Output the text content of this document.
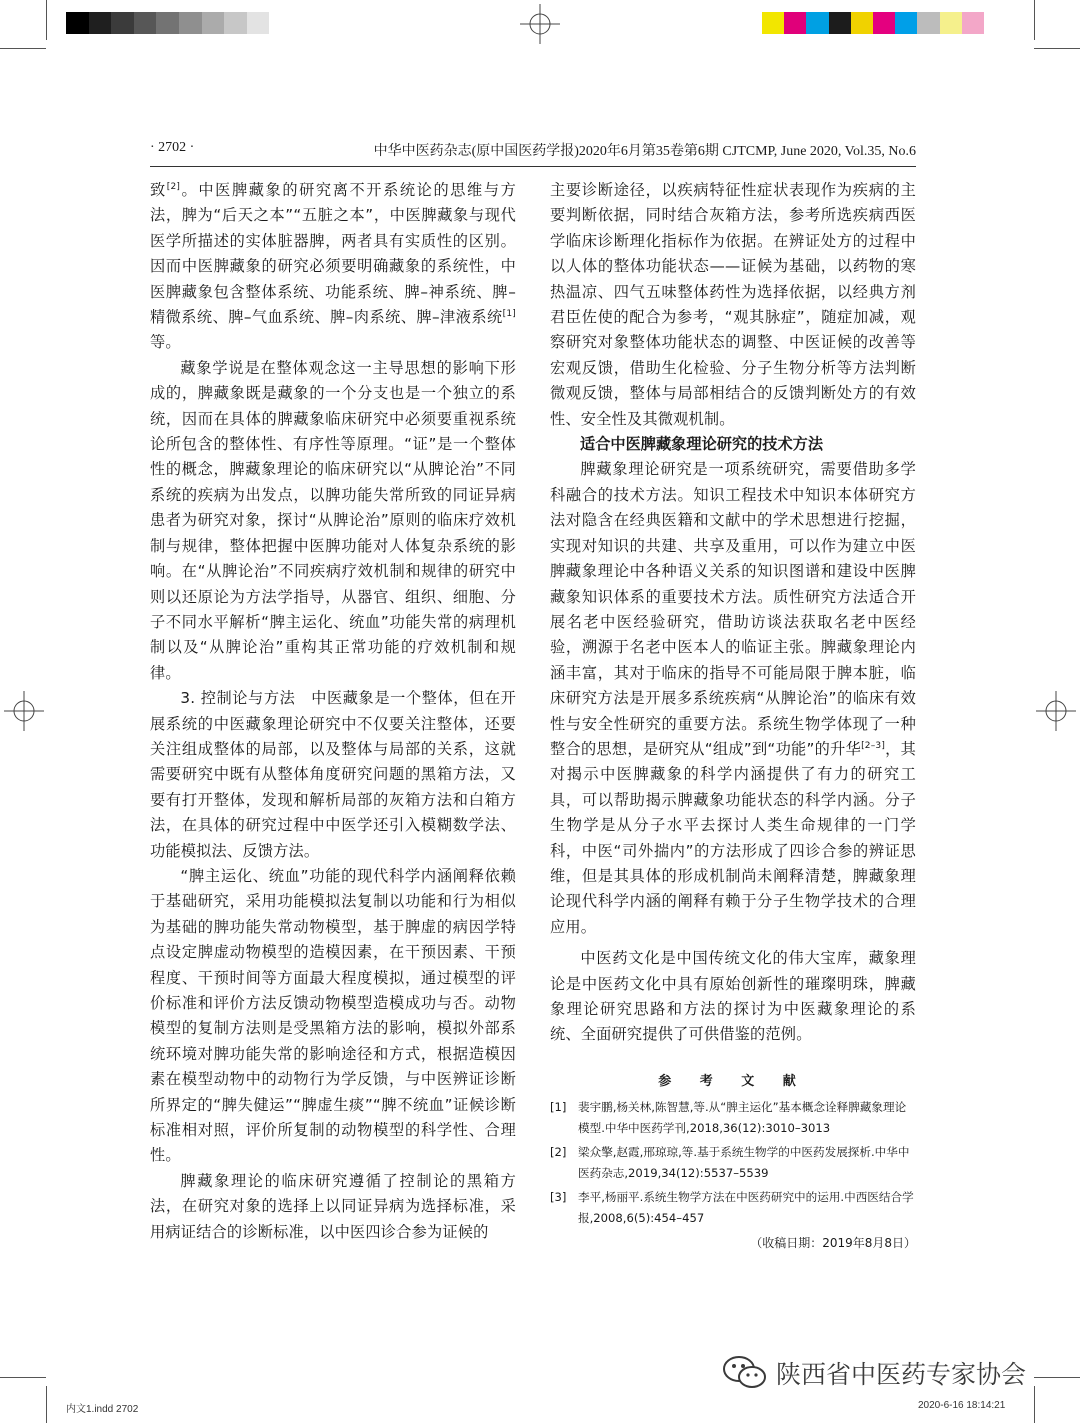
· 2702 ·	中华中医药杂志(原中国医药学报)2020年6月第35卷第6期 CJTCMP, June 2020, Vol.35, No.6

致[2]。中医脾藏象的研究离不开系统论的思维与方法，脾为“后天之本”“五脏之本”，中医脾藏象与现代医学所描述的实体脏器脾，两者具有实质性的区别。因而中医脾藏象的研究必须要明确藏象的系统性，中医脾藏象包含整体系统、功能系统、脾–神系统、脾–精微系统、脾–气血系统、脾–肉系统、脾–津液系统[1]等。

藏象学说是在整体观念这一主导思想的影响下形成的，脾藏象既是藏象的一个分支也是一个独立的系统，因而在具体的脾藏象临床研究中必须要重视系统论所包含的整体性、有序性等原理。“证”是一个整体性的概念，脾藏象理论的临床研究以“从脾论治”不同系统的疾病为出发点，以脾功能失常所致的同证异病患者为研究对象，探讨“从脾论治”原则的临床疗效机制与规律，整体把握中医脾功能对人体复杂系统的影响。在“从脾论治”不同疾病疗效机制和规律的研究中则以还原论为方法学指导，从器官、组织、细胞、分子不同水平解析“脾主运化、统血”功能失常的病理机制以及“从脾论治”重构其正常功能的疗效机制和规律。

3. 控制论与方法　中医藏象是一个整体，但在开展系统的中医藏象理论研究中不仅要关注整体，还要关注组成整体的局部，以及整体与局部的关系，这就需要研究中既有从整体角度研究问题的黑箱方法，又要有打开整体，发现和解析局部的灰箱方法和白箱方法，在具体的研究过程中中医学还引入模糊数学法、功能模拟法、反馈方法。

“脾主运化、统血”功能的现代科学内涵阐释依赖于基础研究，采用功能模拟法复制以功能和行为相似为基础的脾功能失常动物模型，基于脾虚的病因学特点设定脾虚动物模型的造模因素，在干预因素、干预程度、干预时间等方面最大程度模拟，通过模型的评价标准和评价方法反馈动物模型造模成功与否。动物模型的复制方法则是受黑箱方法的影响，模拟外部系统环境对脾功能失常的影响途径和方式，根据造模因素在模型动物中的动物行为学反馈，与中医辨证诊断所界定的“脾失健运”“脾虚生痰”“脾不统血”证候诊断标准相对照，评价所复制的动物模型的科学性、合理性。

脾藏象理论的临床研究遵循了控制论的黑箱方法，在研究对象的选择上以同证异病为选择标准，采用病证结合的诊断标准，以中医四诊合参为证候的

主要诊断途径，以疾病特征性症状表现作为疾病的主要判断依据，同时结合灰箱方法，参考所选疾病西医学临床诊断理化指标作为依据。在辨证处方的过程中以人体的整体功能状态——证候为基础，以药物的寒热温凉、四气五味整体药性为选择依据，以经典方剂君臣佐使的配合为参考，“观其脉症”，随症加减，观察研究对象整体功能状态的调整、中医证候的改善等宏观反馈，借助生化检验、分子生物分析等方法判断微观反馈，整体与局部相结合的反馈判断处方的有效性、安全性及其微观机制。

适合中医脾藏象理论研究的技术方法

脾藏象理论研究是一项系统研究，需要借助多学科融合的技术方法。知识工程技术中知识本体研究方法对隐含在经典医籍和文献中的学术思想进行挖掘，实现对知识的共建、共享及重用，可以作为建立中医脾藏象理论中各种语义关系的知识图谱和建设中医脾藏象知识体系的重要技术方法。质性研究方法适合开展名老中医经验研究，借助访谈法获取名老中医经验，溯源于名老中医本人的临证主张。脾藏象理论内涵丰富，其对于临床的指导不可能局限于脾本脏，临床研究方法是开展多系统疾病“从脾论治”的临床有效性与安全性研究的重要方法。系统生物学体现了一种整合的思想，是研究从“组成”到“功能”的升华[2–3]，其对揭示中医脾藏象的科学内涵提供了有力的研究工具，可以帮助揭示脾藏象功能状态的科学内涵。分子生物学是从分子水平去探讨人类生命规律的一门学科，中医“司外揣内”的方法形成了四诊合参的辨证思维，但是其具体的形成机制尚未阐释清楚，脾藏象理论现代科学内涵的阐释有赖于分子生物学技术的合理应用。

中医药文化是中国传统文化的伟大宝库，藏象理论是中医药文化中具有原始创新性的璀璨明珠，脾藏象理论研究思路和方法的探讨为中医藏象理论的系统、全面研究提供了可供借鉴的范例。

参 考 文 献
[1] 裴宇鹏,杨关林,陈智慧,等.从“脾主运化”基本概念诠释脾藏象理论模型.中华中医药学刊,2018,36(12):3010–3013
[2] 梁众擎,赵霞,邢琼琼,等.基于系统生物学的中医药发展探析.中华中医药杂志,2019,34(12):5537–5539
[3] 李平,杨丽平.系统生物学方法在中医药研究中的运用.中西医结合学报,2008,6(5):454–457
（收稿日期：2019年8月8日）
陕西省中医药专家协会
内文1.indd 2702	2020-6-16 18:14:21
